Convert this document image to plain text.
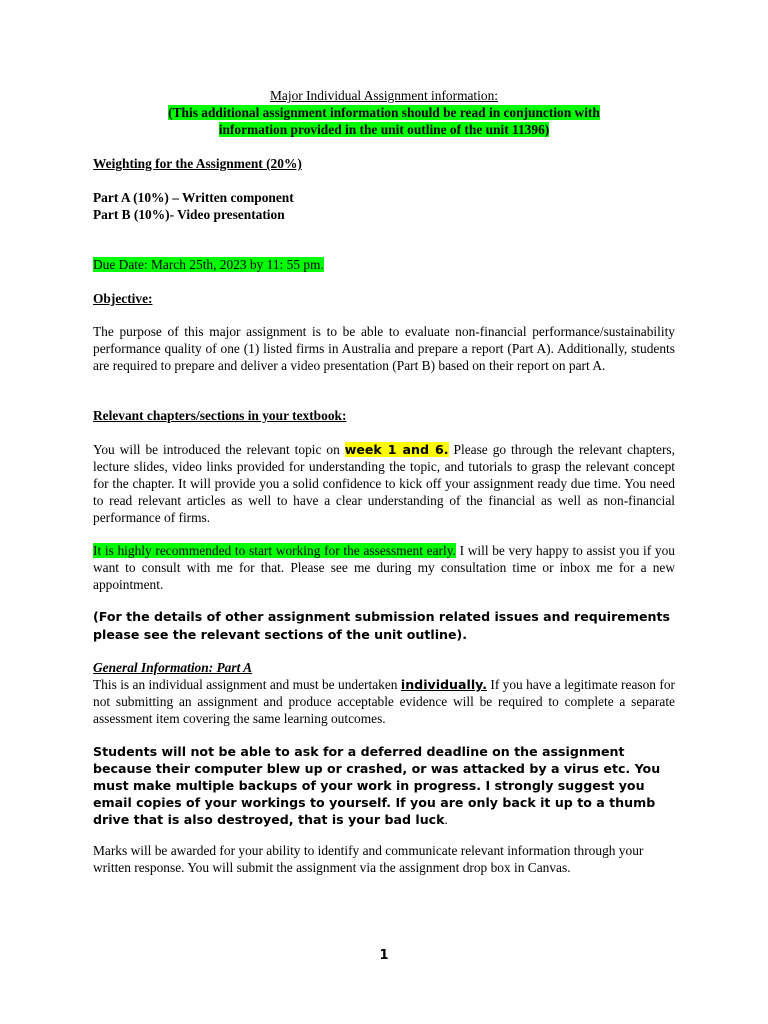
Major Individual Assignment information:
(This additional assignment information should be read in conjunction with
information provided in the unit outline of the unit 11396)
Weighting for the Assignment (20%)
Part A (10%) – Written component
Part B (10%)- Video presentation
Due Date: March 25th, 2023 by 11: 55 pm.
Objective:
The purpose of this major assignment is to be able to evaluate non-financial performance/sustainability performance quality of one (1) listed firms in Australia and prepare a report (Part A). Additionally, students are required to prepare and deliver a video presentation (Part B) based on their report on part A.
Relevant chapters/sections in your textbook:
You will be introduced the relevant topic on week 1 and 6. Please go through the relevant chapters, lecture slides, video links provided for understanding the topic, and tutorials to grasp the relevant concept for the chapter. It will provide you a solid confidence to kick off your assignment ready due time. You need to read relevant articles as well to have a clear understanding of the financial as well as non-financial performance of firms.
It is highly recommended to start working for the assessment early. I will be very happy to assist you if you want to consult with me for that. Please see me during my consultation time or inbox me for a new appointment.
(For the details of other assignment submission related issues and requirements please see the relevant sections of the unit outline).
General Information: Part A
This is an individual assignment and must be undertaken individually. If you have a legitimate reason for not submitting an assignment and produce acceptable evidence will be required to complete a separate assessment item covering the same learning outcomes.
Students will not be able to ask for a deferred deadline on the assignment because their computer blew up or crashed, or was attacked by a virus etc. You must make multiple backups of your work in progress. I strongly suggest you email copies of your workings to yourself. If you are only back it up to a thumb drive that is also destroyed, that is your bad luck.
Marks will be awarded for your ability to identify and communicate relevant information through your written response. You will submit the assignment via the assignment drop box in Canvas.
1
